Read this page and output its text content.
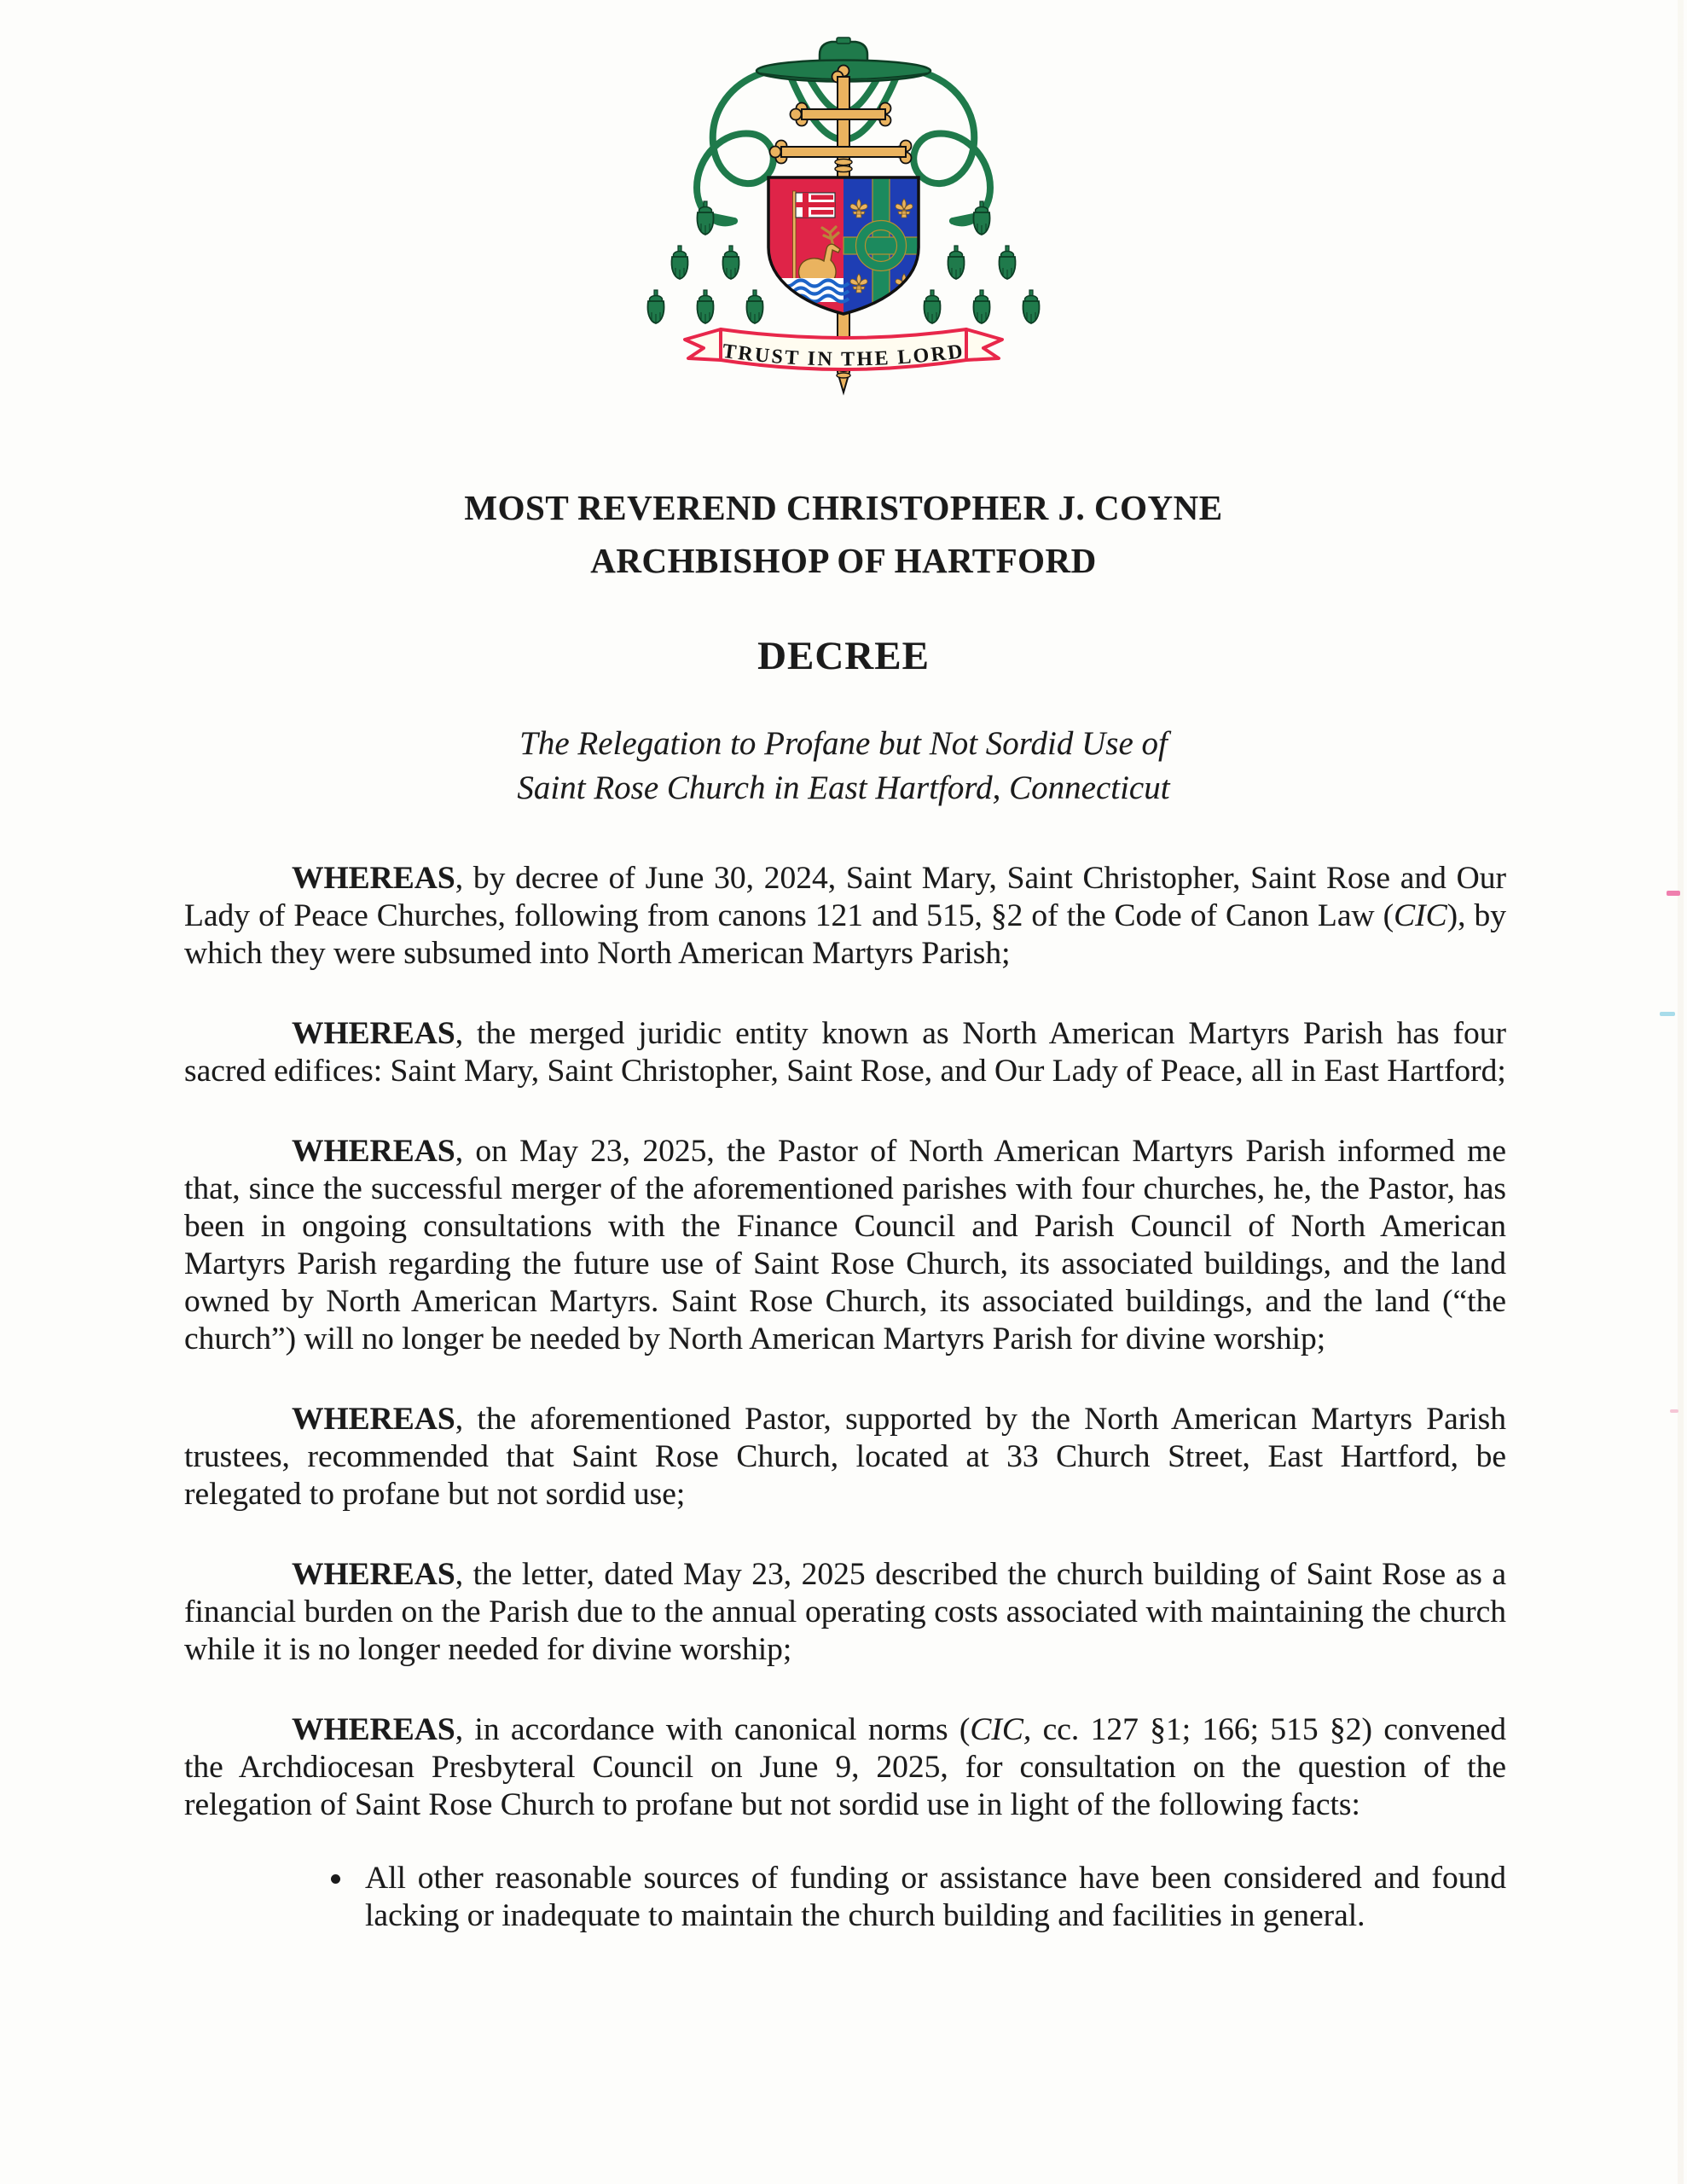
TRUST IN THE LORD
MOST REVEREND CHRISTOPHER J. COYNE
ARCHBISHOP OF HARTFORD
DECREE
The Relegation to Profane but Not Sordid Use of
Saint Rose Church in East Hartford, Connecticut

WHEREAS, by decree of June 30, 2024, Saint Mary, Saint Christopher, Saint Rose and Our Lady of Peace Churches, following from canons 121 and 515, §2 of the Code of Canon Law (CIC), by which they were subsumed into North American Martyrs Parish;

WHEREAS, the merged juridic entity known as North American Martyrs Parish has four sacred edifices: Saint Mary, Saint Christopher, Saint Rose, and Our Lady of Peace, all in East Hartford;

WHEREAS, on May 23, 2025, the Pastor of North American Martyrs Parish informed me that, since the successful merger of the aforementioned parishes with four churches, he, the Pastor, has been in ongoing consultations with the Finance Council and Parish Council of North American Martyrs Parish regarding the future use of Saint Rose Church, its associated buildings, and the land owned by North American Martyrs. Saint Rose Church, its associated buildings, and the land (“the church”) will no longer be needed by North American Martyrs Parish for divine worship;

WHEREAS, the aforementioned Pastor, supported by the North American Martyrs Parish trustees, recommended that Saint Rose Church, located at 33 Church Street, East Hartford, be relegated to profane but not sordid use;

WHEREAS, the letter, dated May 23, 2025 described the church building of Saint Rose as a financial burden on the Parish due to the annual operating costs associated with maintaining the church while it is no longer needed for divine worship;

WHEREAS, in accordance with canonical norms (CIC, cc. 127 §1; 166; 515 §2) convened the Archdiocesan Presbyteral Council on June 9, 2025, for consultation on the question of the relegation of Saint Rose Church to profane but not sordid use in light of the following facts:

• All other reasonable sources of funding or assistance have been considered and found lacking or inadequate to maintain the church building and facilities in general.
